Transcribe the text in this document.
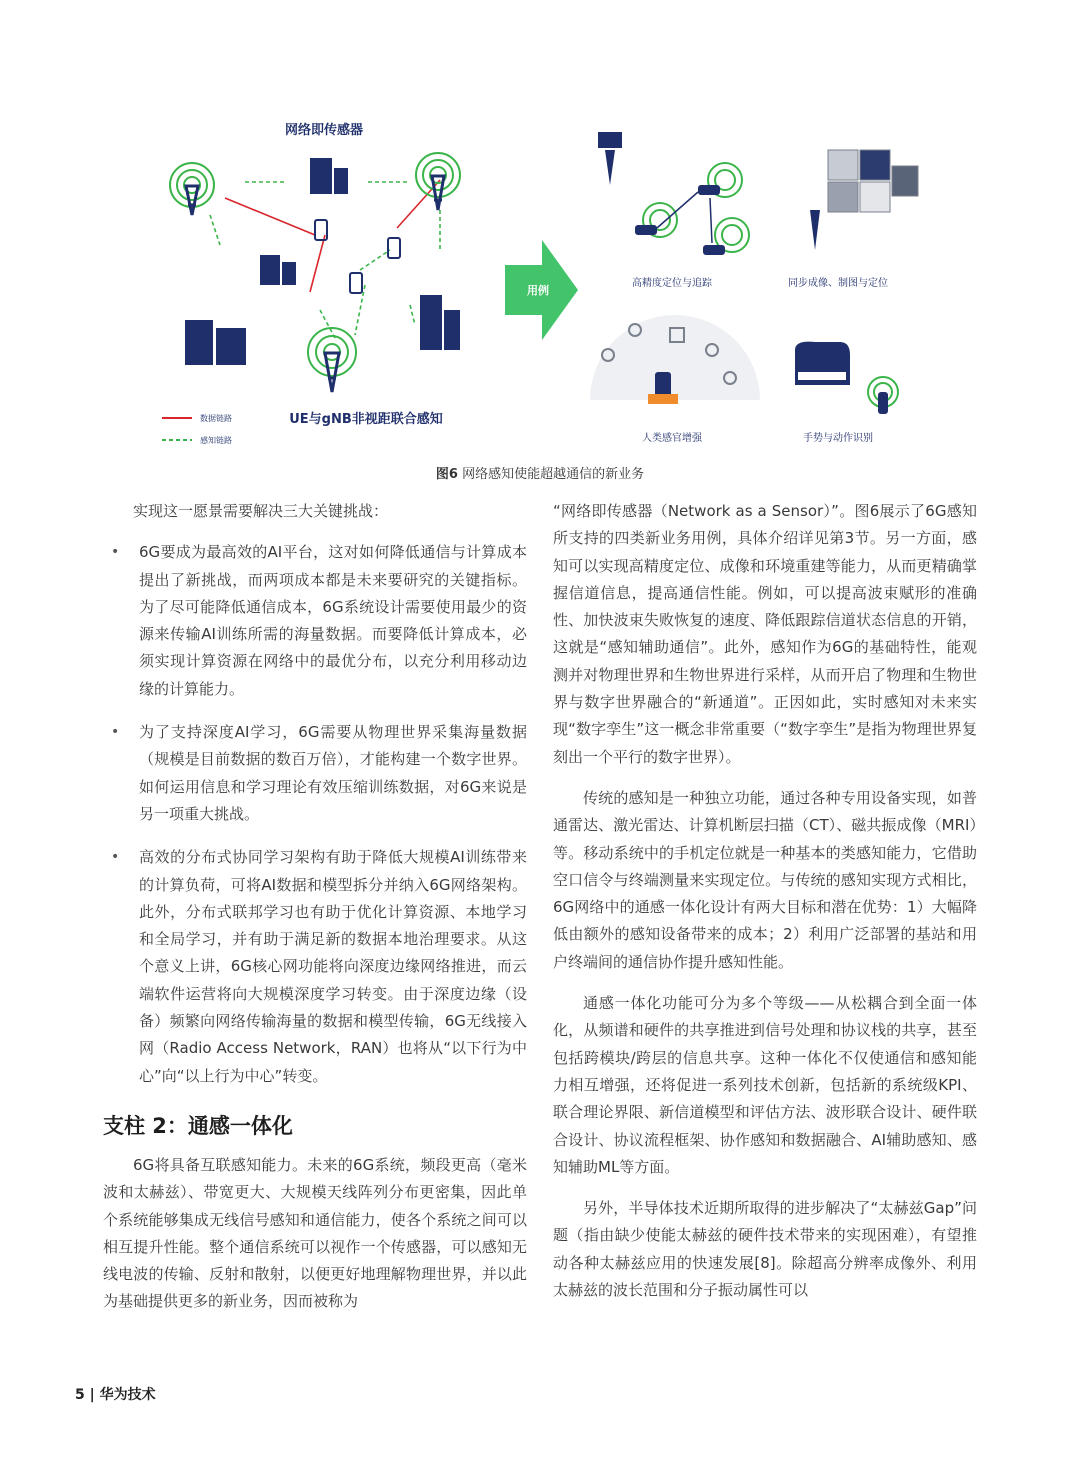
网络即传感器
数据链路
感知链路
UE与gNB非视距联合感知
用例
高精度定位与追踪	同步成像、制图与定位
人类感官增强	手势与动作识别
图6 网络感知使能超越通信的新业务

实现这一愿景需要解决三大关键挑战：

• 6G要成为最高效的AI平台，这对如何降低通信与计算成本提出了新挑战，而两项成本都是未来要研究的关键指标。为了尽可能降低通信成本，6G系统设计需要使用最少的资源来传输AI训练所需的海量数据。而要降低计算成本，必须实现计算资源在网络中的最优分布，以充分利用移动边缘的计算能力。
• 为了支持深度AI学习，6G需要从物理世界采集海量数据（规模是目前数据的数百万倍），才能构建一个数字世界。如何运用信息和学习理论有效压缩训练数据，对6G来说是另一项重大挑战。
• 高效的分布式协同学习架构有助于降低大规模AI训练带来的计算负荷，可将AI数据和模型拆分并纳入6G网络架构。此外，分布式联邦学习也有助于优化计算资源、本地学习和全局学习，并有助于满足新的数据本地治理要求。从这个意义上讲，6G核心网功能将向深度边缘网络推进，而云端软件运营将向大规模深度学习转变。由于深度边缘（设备）频繁向网络传输海量的数据和模型传输，6G无线接入网（Radio Access Network，RAN）也将从“以下行为中心”向“以上行为中心”转变。
支柱 2：通感一体化

6G将具备互联感知能力。未来的6G系统，频段更高（毫米波和太赫兹）、带宽更大、大规模天线阵列分布更密集，因此单个系统能够集成无线信号感知和通信能力，使各个系统之间可以相互提升性能。整个通信系统可以视作一个传感器，可以感知无线电波的传输、反射和散射，以便更好地理解物理世界，并以此为基础提供更多的新业务，因而被称为

“网络即传感器（Network as a Sensor）”。图6展示了6G感知所支持的四类新业务用例，具体介绍详见第3节。另一方面，感知可以实现高精度定位、成像和环境重建等能力，从而更精确掌握信道信息，提高通信性能。例如，可以提高波束赋形的准确性、加快波束失败恢复的速度、降低跟踪信道状态信息的开销，这就是“感知辅助通信”。此外，感知作为6G的基础特性，能观测并对物理世界和生物世界进行采样，从而开启了物理和生物世界与数字世界融合的“新通道”。正因如此，实时感知对未来实现“数字孪生”这一概念非常重要（“数字孪生”是指为物理世界复刻出一个平行的数字世界）。

传统的感知是一种独立功能，通过各种专用设备实现，如普通雷达、激光雷达、计算机断层扫描（CT）、磁共振成像（MRI）等。移动系统中的手机定位就是一种基本的类感知能力，它借助空口信令与终端测量来实现定位。与传统的感知实现方式相比，6G网络中的通感一体化设计有两大目标和潜在优势：1）大幅降低由额外的感知设备带来的成本；2）利用广泛部署的基站和用户终端间的通信协作提升感知性能。

通感一体化功能可分为多个等级——从松耦合到全面一体化，从频谱和硬件的共享推进到信号处理和协议栈的共享，甚至包括跨模块/跨层的信息共享。这种一体化不仅使通信和感知能力相互增强，还将促进一系列技术创新，包括新的系统级KPI、联合理论界限、新信道模型和评估方法、波形联合设计、硬件联合设计、协议流程框架、协作感知和数据融合、AI辅助感知、感知辅助ML等方面。

另外，半导体技术近期所取得的进步解决了“太赫兹Gap”问题（指由缺少使能太赫兹的硬件技术带来的实现困难），有望推动各种太赫兹应用的快速发展[8]。除超高分辨率成像外、利用太赫兹的波长范围和分子振动属性可以

5 | 华为技术
